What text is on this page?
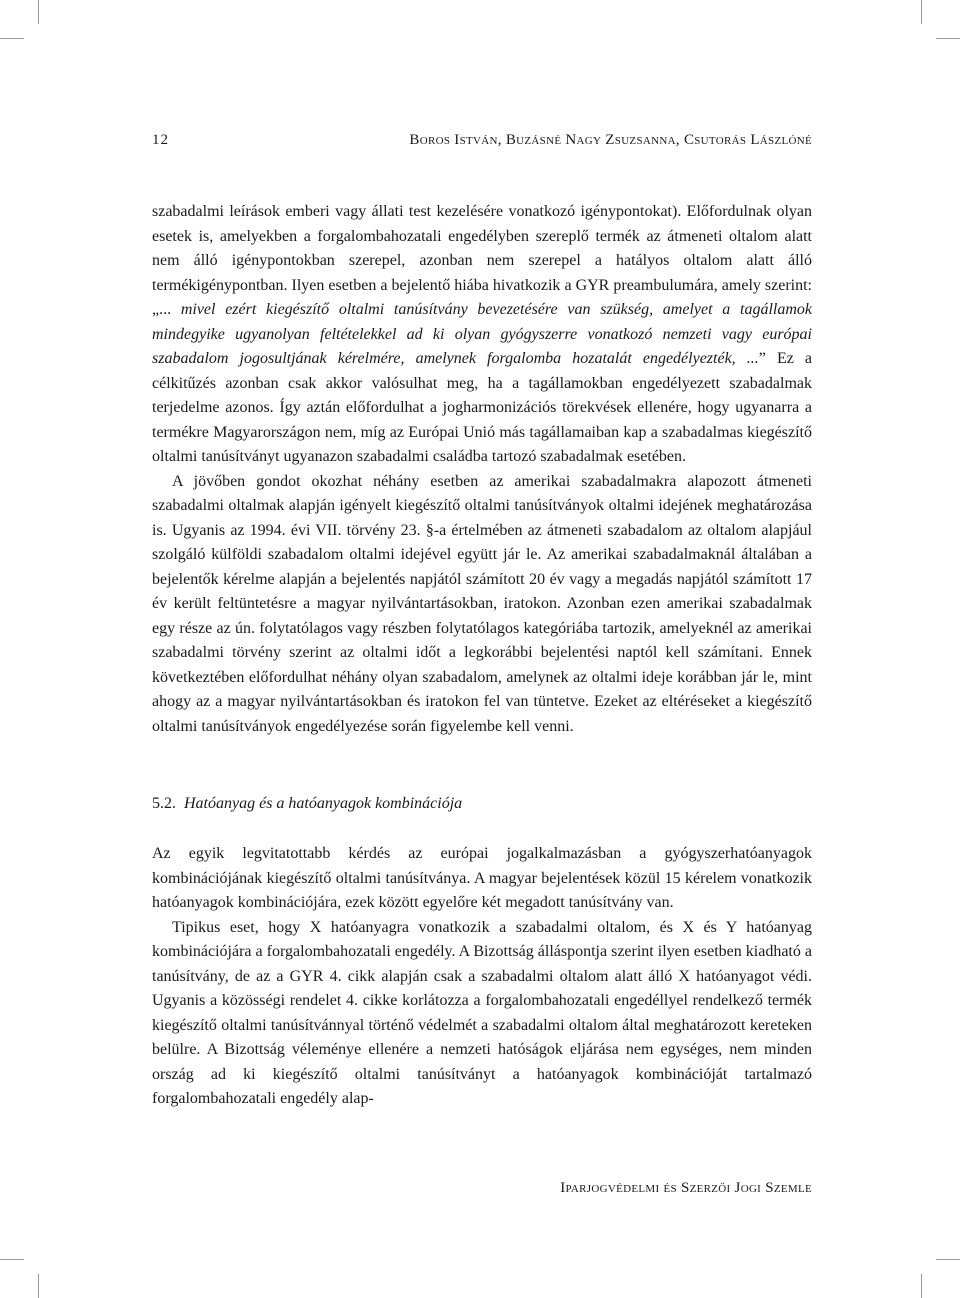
12	Boros István, Buzásné Nagy Zsuzsanna, Csutorás Lászlóné

szabadalmi leírások emberi vagy állati test kezelésére vonatkozó igénypontokat). Előfordulnak olyan esetek is, amelyekben a forgalombahozatali engedélyben szereplő termék az átmeneti oltalom alatt nem álló igénypontokban szerepel, azonban nem szerepel a hatályos oltalom alatt álló termékigénypontban. Ilyen esetben a bejelentő hiába hivatkozik a GYR preambulumára, amely szerint: „... mivel ezért kiegészítő oltalmi tanúsítvány bevezetésére van szükség, amelyet a tagállamok mindegyike ugyanolyan feltételekkel ad ki olyan gyógyszerre vonatkozó nemzeti vagy európai szabadalom jogosultjának kérelmére, amelynek forgalomba hozatalát engedélyezték, ...” Ez a célkitűzés azonban csak akkor valósulhat meg, ha a tagállamokban engedélyezett szabadalmak terjedelme azonos. Így aztán előfordulhat a jogharmonizációs törekvések ellenére, hogy ugyanarra a termékre Magyarországon nem, míg az Európai Unió más tagállamaiban kap a szabadalmas kiegészítő oltalmi tanúsítványt ugyanazon szabadalmi családba tartozó szabadalmak esetében.

A jövőben gondot okozhat néhány esetben az amerikai szabadalmakra alapozott átmeneti szabadalmi oltalmak alapján igényelt kiegészítő oltalmi tanúsítványok oltalmi idejének meghatározása is. Ugyanis az 1994. évi VII. törvény 23. §-a értelmében az átmeneti szabadalom az oltalom alapjául szolgáló külföldi szabadalom oltalmi idejével együtt jár le. Az amerikai szabadalmaknál általában a bejelentők kérelme alapján a bejelentés napjától számított 20 év vagy a megadás napjától számított 17 év került feltüntetésre a magyar nyilvántartásokban, iratokon. Azonban ezen amerikai szabadalmak egy része az ún. folytatólagos vagy részben folytatólagos kategóriába tartozik, amelyeknél az amerikai szabadalmi törvény szerint az oltalmi időt a legkorábbi bejelentési naptól kell számítani. Ennek következtében előfordulhat néhány olyan szabadalom, amelynek az oltalmi ideje korábban jár le, mint ahogy az a magyar nyilvántartásokban és iratokon fel van tüntetve. Ezeket az eltéréseket a kiegészítő oltalmi tanúsítványok engedélyezése során figyelembe kell venni.

5.2. Hatóanyag és a hatóanyagok kombinációja

Az egyik legvitatottabb kérdés az európai jogalkalmazásban a gyógyszerhatóanyagok kombinációjának kiegészítő oltalmi tanúsítványa. A magyar bejelentések közül 15 kérelem vonatkozik hatóanyagok kombinációjára, ezek között egyelőre két megadott tanúsítvány van.

Tipikus eset, hogy X hatóanyagra vonatkozik a szabadalmi oltalom, és X és Y hatóanyag kombinációjára a forgalombahozatali engedély. A Bizottság álláspontja szerint ilyen esetben kiadható a tanúsítvány, de az a GYR 4. cikk alapján csak a szabadalmi oltalom alatt álló X hatóanyagot védi. Ugyanis a közösségi rendelet 4. cikke korlátozza a forgalombahozatali engedéllyel rendelkező termék kiegészítő oltalmi tanúsítvánnyal történő védelmét a szabadalmi oltalom által meghatározott kereteken belülre. A Bizottság véleménye ellenére a nemzeti hatóságok eljárása nem egységes, nem minden ország ad ki kiegészítő oltalmi tanúsítványt a hatóanyagok kombinációját tartalmazó forgalombahozatali engedély alap-

Iparjogvédelmi és Szerzői Jogi Szemle
